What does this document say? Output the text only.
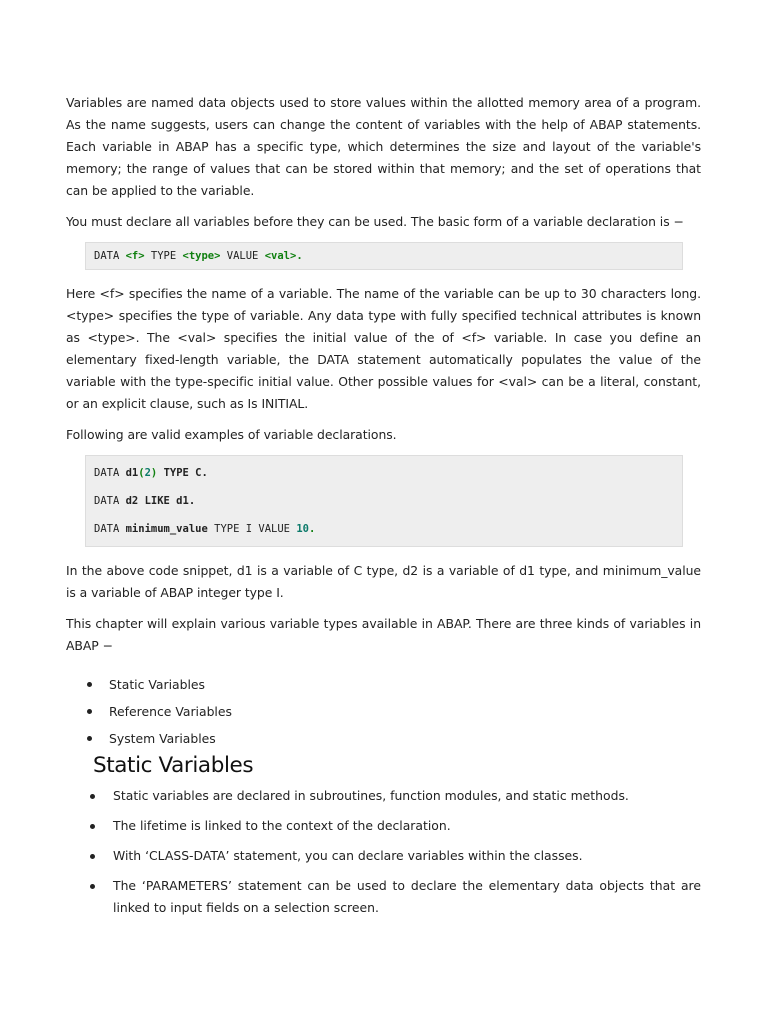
Variables are named data objects used to store values within the allotted memory area of a program. As the name suggests, users can change the content of variables with the help of ABAP statements. Each variable in ABAP has a specific type, which determines the size and layout of the variable's memory; the range of values that can be stored within that memory; and the set of operations that can be applied to the variable.

You must declare all variables before they can be used. The basic form of a variable declaration is −

DATA <f> TYPE <type> VALUE <val>.

Here <f> specifies the name of a variable. The name of the variable can be up to 30 characters long. <type> specifies the type of variable. Any data type with fully specified technical attributes is known as <type>. The <val> specifies the initial value of the of <f> variable. In case you define an elementary fixed-length variable, the DATA statement automatically populates the value of the variable with the type-specific initial value. Other possible values for <val> can be a literal, constant, or an explicit clause, such as Is INITIAL.

Following are valid examples of variable declarations.

DATA d1(2) TYPE C.
DATA d2 LIKE d1.
DATA minimum_value TYPE I VALUE 10.

In the above code snippet, d1 is a variable of C type, d2 is a variable of d1 type, and minimum_value is a variable of ABAP integer type I.

This chapter will explain various variable types available in ABAP. There are three kinds of variables in ABAP −

Static Variables
Reference Variables
System Variables
Static Variables
Static variables are declared in subroutines, function modules, and static methods.
The lifetime is linked to the context of the declaration.
With ‘CLASS-DATA’ statement, you can declare variables within the classes.
The ‘PARAMETERS’ statement can be used to declare the elementary data objects that are linked to input fields on a selection screen.
